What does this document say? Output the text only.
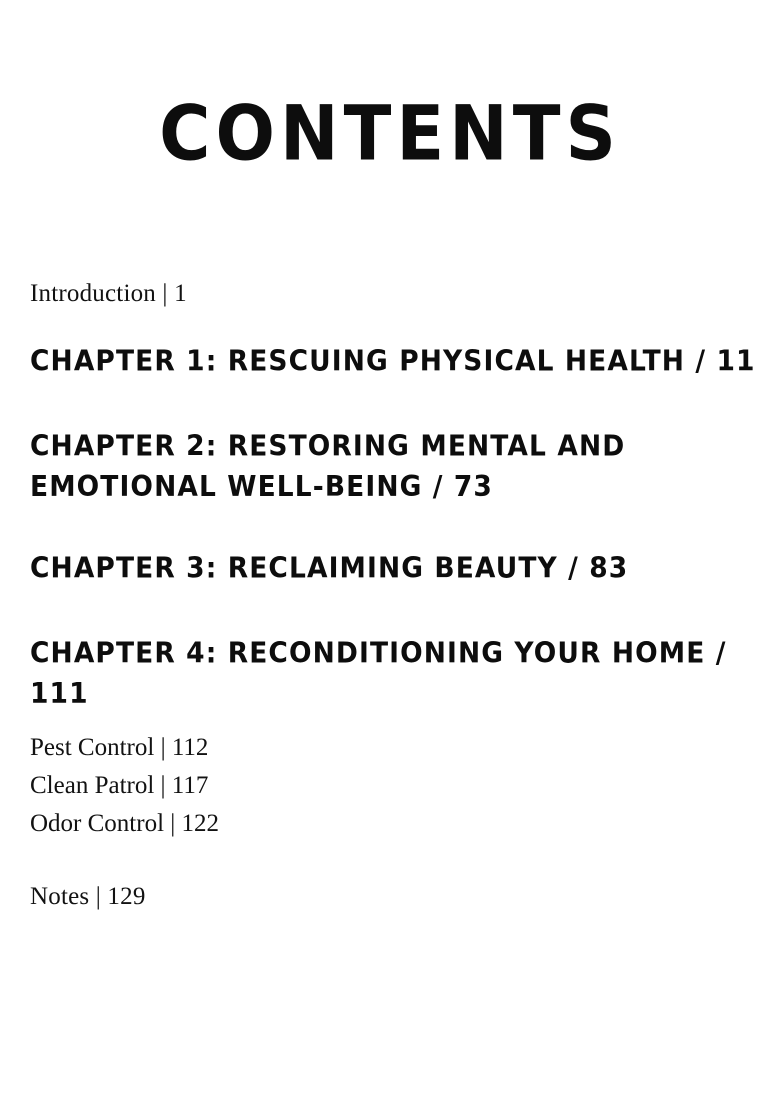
CONTENTS
Introduction | 1
CHAPTER 1: RESCUING PHYSICAL HEALTH / 11
CHAPTER 2: RESTORING MENTAL AND EMOTIONAL WELL-BEING / 73
CHAPTER 3: RECLAIMING BEAUTY / 83
CHAPTER 4: RECONDITIONING YOUR HOME / 111
Pest Control | 112
Clean Patrol | 117
Odor Control | 122
Notes | 129
